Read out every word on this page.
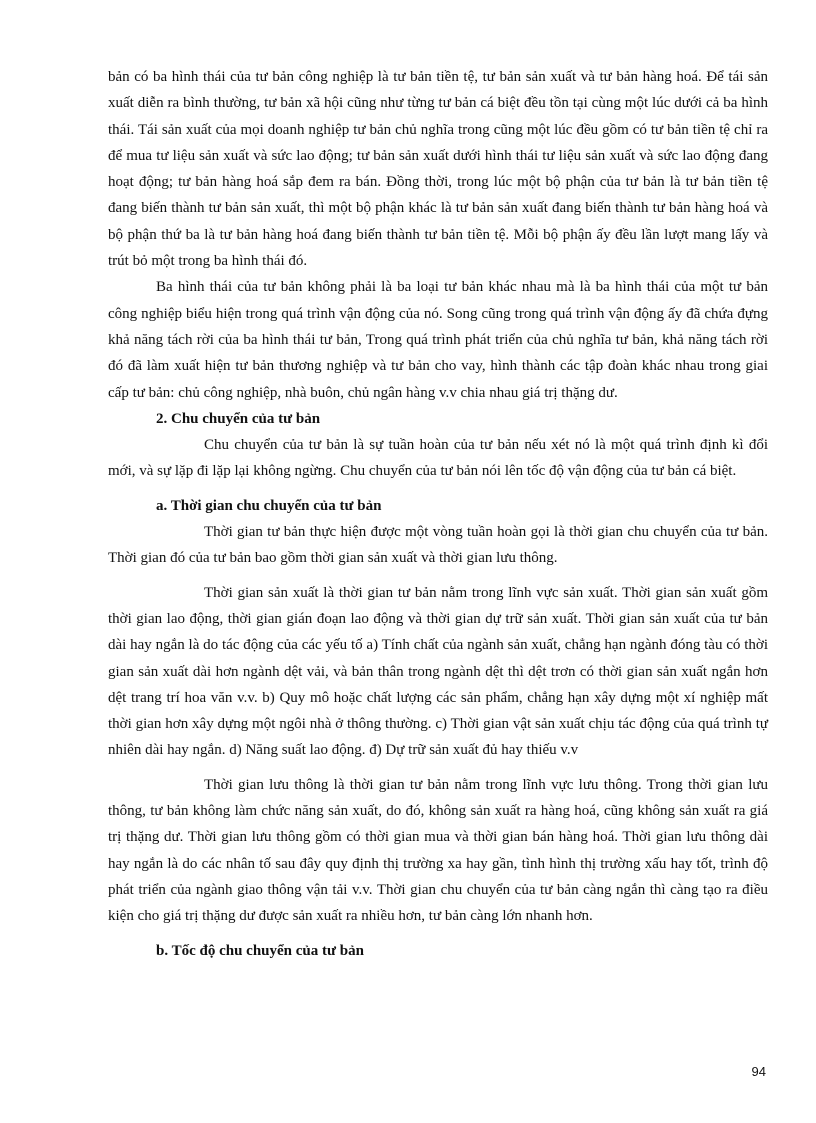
bản có ba hình thái của tư bản công nghiệp là tư bản tiền tệ, tư bản sản xuất và tư bản hàng hoá. Để tái sản xuất diễn ra bình thường, tư bản xã hội cũng như từng tư bản cá biệt đều tồn tại cùng một lúc dưới cả ba hình thái. Tái sản xuất của mọi doanh nghiệp tư bản chủ nghĩa trong cũng một lúc đều gồm có tư bản tiền tệ chỉ ra để mua tư liệu sản xuất và sức lao động; tư bản sản xuất dưới hình thái tư liệu sản xuất và sức lao động đang hoạt động; tư bản hàng hoá sắp đem ra bán. Đồng thời, trong lúc một bộ phận của tư bản là tư bản tiền tệ đang biến thành tư bản sản xuất, thì một bộ phận khác là tư bản sản xuất đang biến thành tư bản hàng hoá và bộ phận thứ ba là tư bản hàng hoá đang biến thành tư bản tiền tệ. Mỗi bộ phận ấy đều lần lượt mang lấy và trút bỏ một trong ba hình thái đó.

Ba hình thái của tư bản không phải là ba loại tư bản khác nhau mà là ba hình thái của một tư bản công nghiệp biểu hiện trong quá trình vận động của nó. Song cũng trong quá trình vận động ấy đã chứa đựng khả năng tách rời của ba hình thái tư bản, Trong quá trình phát triển của chủ nghĩa tư bản, khả năng tách rời đó đã làm xuất hiện tư bản thương nghiệp và tư bản cho vay, hình thành các tập đoàn khác nhau trong giai cấp tư bản: chủ công nghiệp, nhà buôn, chủ ngân hàng v.v chia nhau giá trị thặng dư.

2. Chu chuyển của tư bản

Chu chuyển của tư bản là sự tuần hoàn của tư bản nếu xét nó là một quá trình định kì đổi mới, và sự lặp đi lặp lại không ngừng. Chu chuyển của tư bản nói lên tốc độ vận động của tư bản cá biệt.

a. Thời gian chu chuyển của tư bản

Thời gian tư bản thực hiện được một vòng tuần hoàn gọi là thời gian chu chuyển của tư bản. Thời gian đó của tư bản bao gồm thời gian sản xuất và thời gian lưu thông.

Thời gian sản xuất là thời gian tư bản nằm trong lĩnh vực sản xuất. Thời gian sản xuất gồm thời gian lao động, thời gian gián đoạn lao động và thời gian dự trữ sản xuất. Thời gian sản xuất của tư bản dài hay ngắn là do tác động của các yếu tố a) Tính chất của ngành sản xuất, chẳng hạn ngành đóng tàu có thời gian sản xuất dài hơn ngành dệt vải, và bản thân trong ngành dệt thì dệt trơn có thời gian sản xuất ngắn hơn dệt trang trí hoa văn v.v. b) Quy mô hoặc chất lượng các sản phẩm, chẳng hạn xây dựng một xí nghiệp mất thời gian hơn xây dựng một ngôi nhà ở thông thường. c) Thời gian vật sản xuất chịu tác động của quá trình tự nhiên dài hay ngắn. d) Năng suất lao động. đ) Dự trữ sản xuất đủ hay thiếu v.v

Thời gian lưu thông là thời gian tư bản nằm trong lĩnh vực lưu thông. Trong thời gian lưu thông, tư bản không làm chức năng sản xuất, do đó, không sản xuất ra hàng hoá, cũng không sản xuất ra giá trị thặng dư. Thời gian lưu thông gồm có thời gian mua và thời gian bán hàng hoá. Thời gian lưu thông dài hay ngắn là do các nhân tố sau đây quy định thị trường xa hay gần, tình hình thị trường xấu hay tốt, trình độ phát triển của ngành giao thông vận tải v.v. Thời gian chu chuyển của tư bản càng ngắn thì càng tạo ra điều kiện cho giá trị thặng dư được sản xuất ra nhiều hơn, tư bản càng lớn nhanh hơn.

b. Tốc độ chu chuyển của tư bản
94
